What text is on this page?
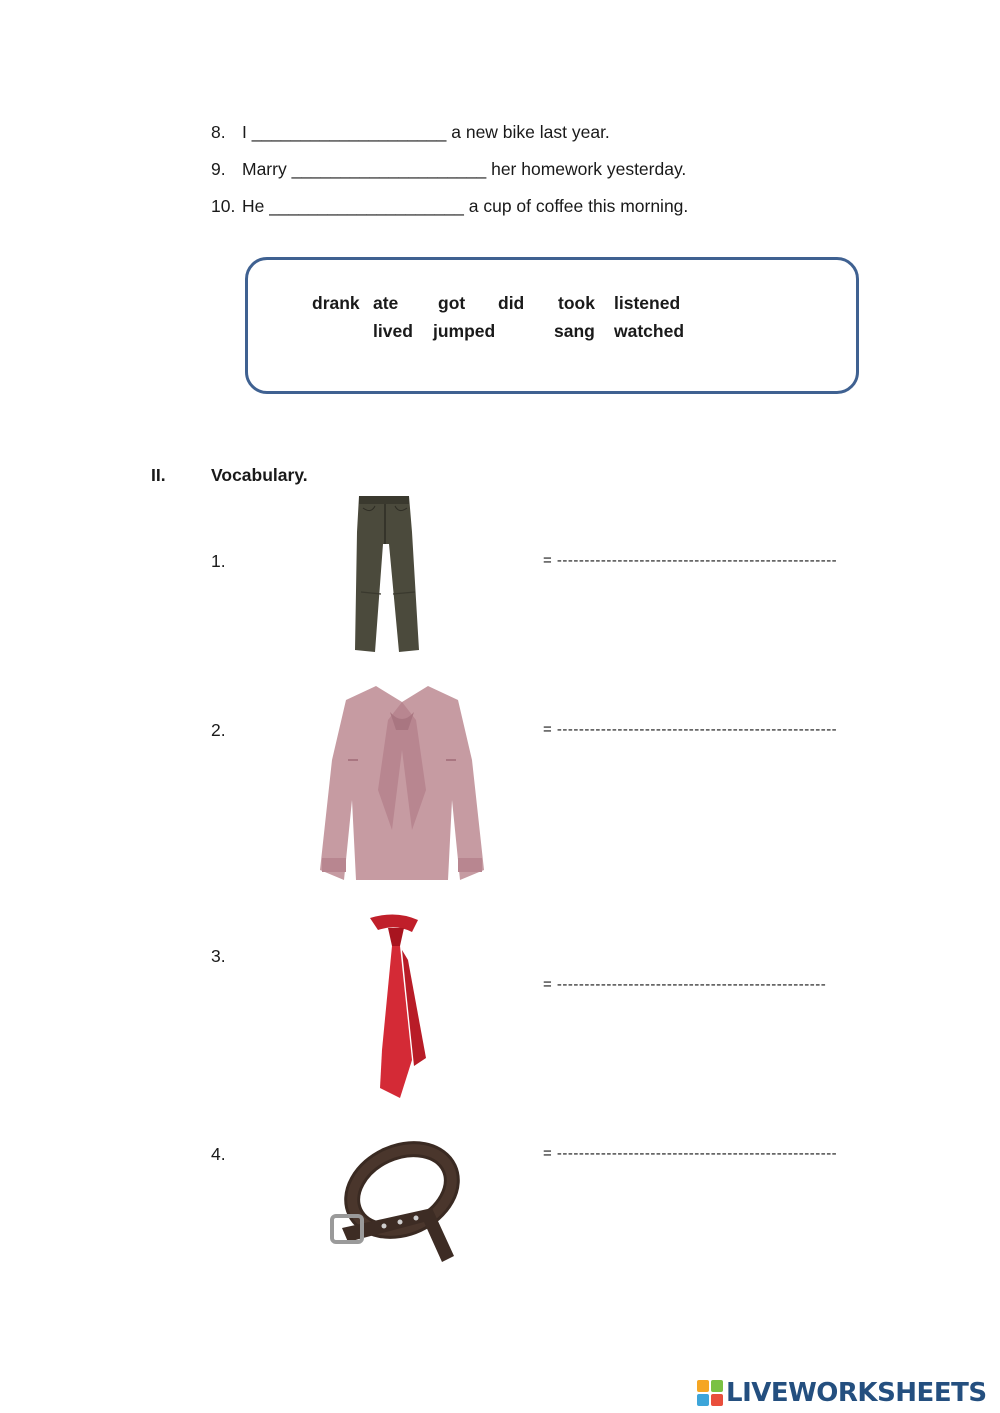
8. I ____________________ a new bike last year.
9. Marry ____________________ her homework yesterday.
10. He ____________________ a cup of coffee this morning.
drank ate got did took listened
lived jumped	sang watched
II.	Vocabulary.
1.	= ---------------------------------------------------
2.	= ---------------------------------------------------
3.
= -------------------------------------------------
4.	= ---------------------------------------------------
LIVEWORKSHEETS
